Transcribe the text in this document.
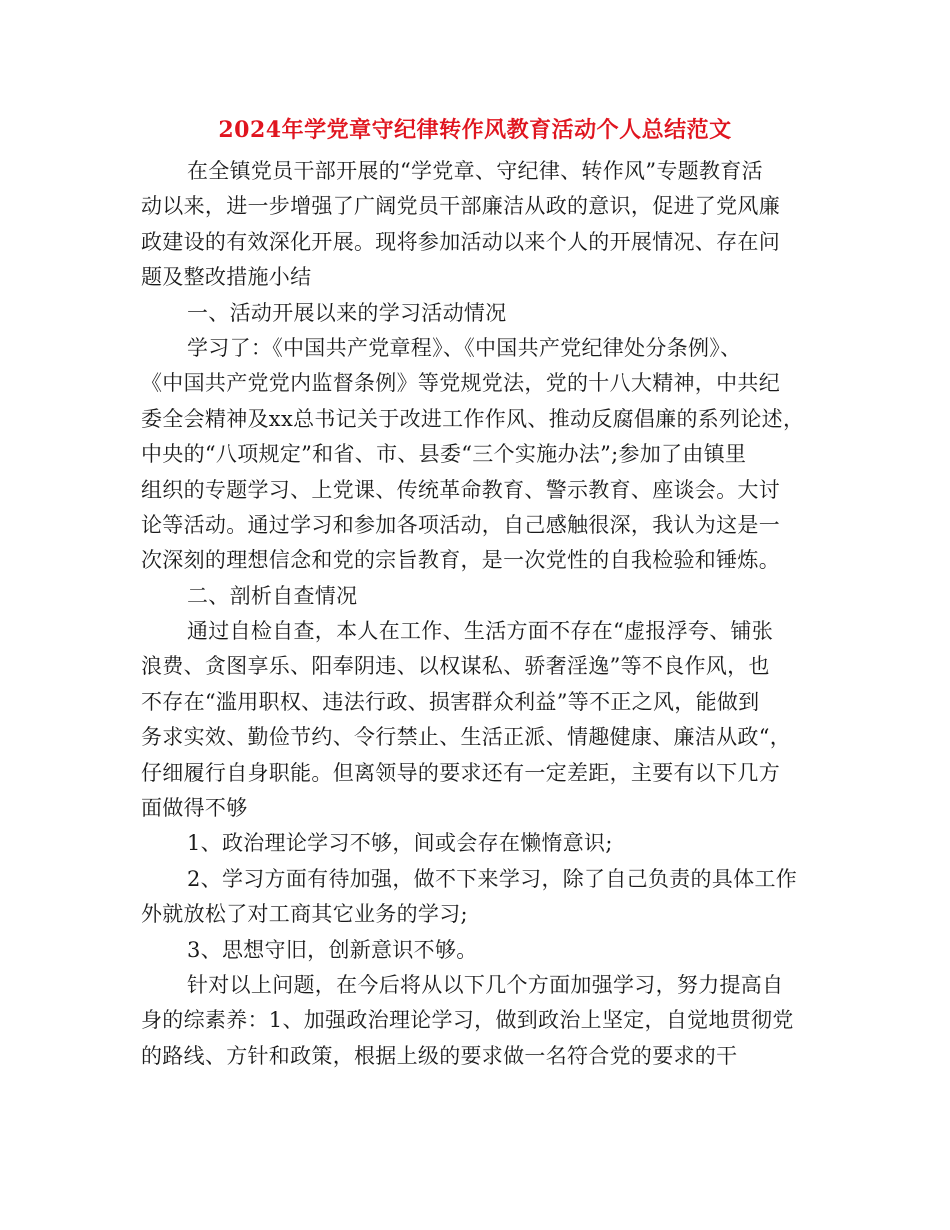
2024年学党章守纪律转作风教育活动个人总结范文
在全镇党员干部开展的“学党章、守纪律、转作风”专题教育活
动以来，进一步增强了广阔党员干部廉洁从政的意识，促进了党风廉
政建设的有效深化开展。现将参加活动以来个人的开展情况、存在问
题及整改措施小结
一、活动开展以来的学习活动情况
学习了：《中国共产党章程》、《中国共产党纪律处分条例》、
《中国共产党党内监督条例》等党规党法，党的十八大精神，中共纪
委全会精神及xx总书记关于改进工作作风、推动反腐倡廉的系列论述，
中央的“八项规定”和省、市、县委“三个实施办法”;参加了由镇里
组织的专题学习、上党课、传统革命教育、警示教育、座谈会。大讨
论等活动。通过学习和参加各项活动，自己感触很深，我认为这是一
次深刻的理想信念和党的宗旨教育，是一次党性的自我检验和锤炼。
二、剖析自查情况
通过自检自查，本人在工作、生活方面不存在“虚报浮夸、铺张
浪费、贪图享乐、阳奉阴违、以权谋私、骄奢淫逸”等不良作风，也
不存在“滥用职权、违法行政、损害群众利益”等不正之风，能做到
务求实效、勤俭节约、令行禁止、生活正派、情趣健康、廉洁从政“，
仔细履行自身职能。但离领导的要求还有一定差距，主要有以下几方
面做得不够
1、政治理论学习不够，间或会存在懒惰意识;
2、学习方面有待加强，做不下来学习，除了自己负责的具体工作
外就放松了对工商其它业务的学习;
3、思想守旧，创新意识不够。
针对以上问题，在今后将从以下几个方面加强学习，努力提高自
身的综素养：1、加强政治理论学习，做到政治上坚定，自觉地贯彻党
的路线、方针和政策，根据上级的要求做一名符合党的要求的干
